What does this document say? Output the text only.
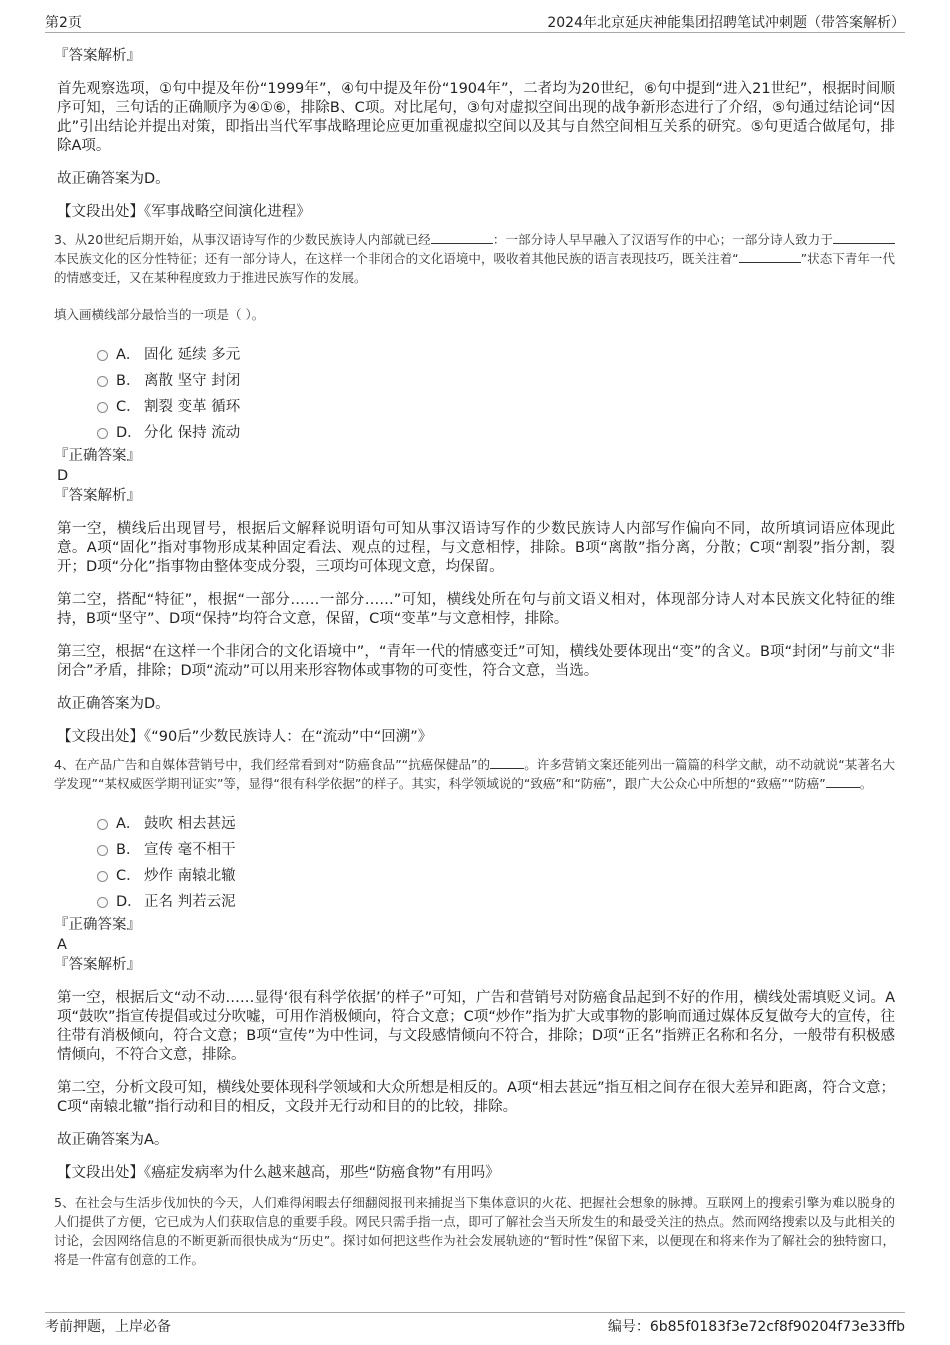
第2页	2024年北京延庆神能集团招聘笔试冲刺题（带答案解析）

『答案解析』

首先观察选项，①句中提及年份“1999年”，④句中提及年份“1904年”，二者均为20世纪，⑥句中提到“进入21世纪”，根据时间顺序可知，三句话的正确顺序为④①⑥，排除B、C项。对比尾句，③句对虚拟空间出现的战争新形态进行了介绍，⑤句通过结论词“因此”引出结论并提出对策，即指出当代军事战略理论应更加重视虚拟空间以及其与自然空间相互关系的研究。⑤句更适合做尾句，排除A项。

故正确答案为D。

【文段出处】《军事战略空间演化进程》

3、从20世纪后期开始，从事汉语诗写作的少数民族诗人内部就已经	：一部分诗人早早融入了汉语写作的中心；一部分诗人致力于本民族文化的区分性特征；还有一部分诗人，在这样一个非闭合的文化语境中，吸收着其他民族的语言表现技巧，既关注着“	”状态下青年一代的情感变迁，又在某种程度致力于推进民族写作的发展。

填入画横线部分最恰当的一项是（ ）。

A． 固化 延续 多元
B． 离散 坚守 封闭
C． 割裂 变革 循环
D． 分化 保持 流动

『正确答案』

D

『答案解析』

第一空，横线后出现冒号，根据后文解释说明语句可知从事汉语诗写作的少数民族诗人内部写作偏向不同，故所填词语应体现此意。A项“固化”指对事物形成某种固定看法、观点的过程，与文意相悖，排除。B项“离散”指分离，分散；C项“割裂”指分割，裂开；D项“分化”指事物由整体变成分裂，三项均可体现文意，均保留。

第二空，搭配“特征”，根据“一部分……一部分……”可知，横线处所在句与前文语义相对，体现部分诗人对本民族文化特征的维持，B项“坚守”、D项“保持”均符合文意，保留，C项“变革”与文意相悖，排除。

第三空，根据“在这样一个非闭合的文化语境中”，“青年一代的情感变迁”可知，横线处要体现出“变”的含义。B项“封闭”与前文“非闭合”矛盾，排除；D项“流动”可以用来形容物体或事物的可变性，符合文意，当选。

故正确答案为D。

【文段出处】《“90后”少数民族诗人：在“流动”中“回溯”》

4、在产品广告和自媒体营销号中，我们经常看到对“防癌食品”“抗癌保健品”的	。许多营销文案还能列出一篇篇的科学文献，动不动就说“某著名大学发现”“某权威医学期刊证实”等，显得“很有科学依据”的样子。其实，科学领域说的“致癌”和“防癌”，跟广大公众心中所想的“致癌”“防癌”	。

A． 鼓吹 相去甚远
B． 宣传 毫不相干
C． 炒作 南辕北辙
D． 正名 判若云泥

『正确答案』

A

『答案解析』

第一空，根据后文“动不动……显得‘很有科学依据’的样子”可知，广告和营销号对防癌食品起到不好的作用，横线处需填贬义词。A项“鼓吹”指宣传提倡或过分吹嘘，可用作消极倾向，符合文意；C项“炒作”指为扩大或事物的影响而通过媒体反复做夸大的宣传，往往带有消极倾向，符合文意；B项“宣传”为中性词，与文段感情倾向不符合，排除；D项“正名”指辨正名称和名分，一般带有积极感情倾向，不符合文意，排除。

第二空，分析文段可知，横线处要体现科学领域和大众所想是相反的。A项“相去甚远”指互相之间存在很大差异和距离，符合文意；C项“南辕北辙”指行动和目的相反，文段并无行动和目的的比较，排除。

故正确答案为A。

【文段出处】《癌症发病率为什么越来越高，那些“防癌食物”有用吗》

5、在社会与生活步伐加快的今天，人们难得闲暇去仔细翻阅报刊来捕捉当下集体意识的火花、把握社会想象的脉搏。互联网上的搜索引擎为难以脱身的人们提供了方便，它已成为人们获取信息的重要手段。网民只需手指一点，即可了解社会当天所发生的和最受关注的热点。然而网络搜索以及与此相关的讨论，会因网络信息的不断更新而很快成为“历史”。探讨如何把这些作为社会发展轨迹的“暂时性”保留下来，以便现在和将来作为了解社会的独特窗口，将是一件富有创意的工作。

考前押题，上岸必备	编号：6b85f0183f3e72cf8f90204f73e33ffb
